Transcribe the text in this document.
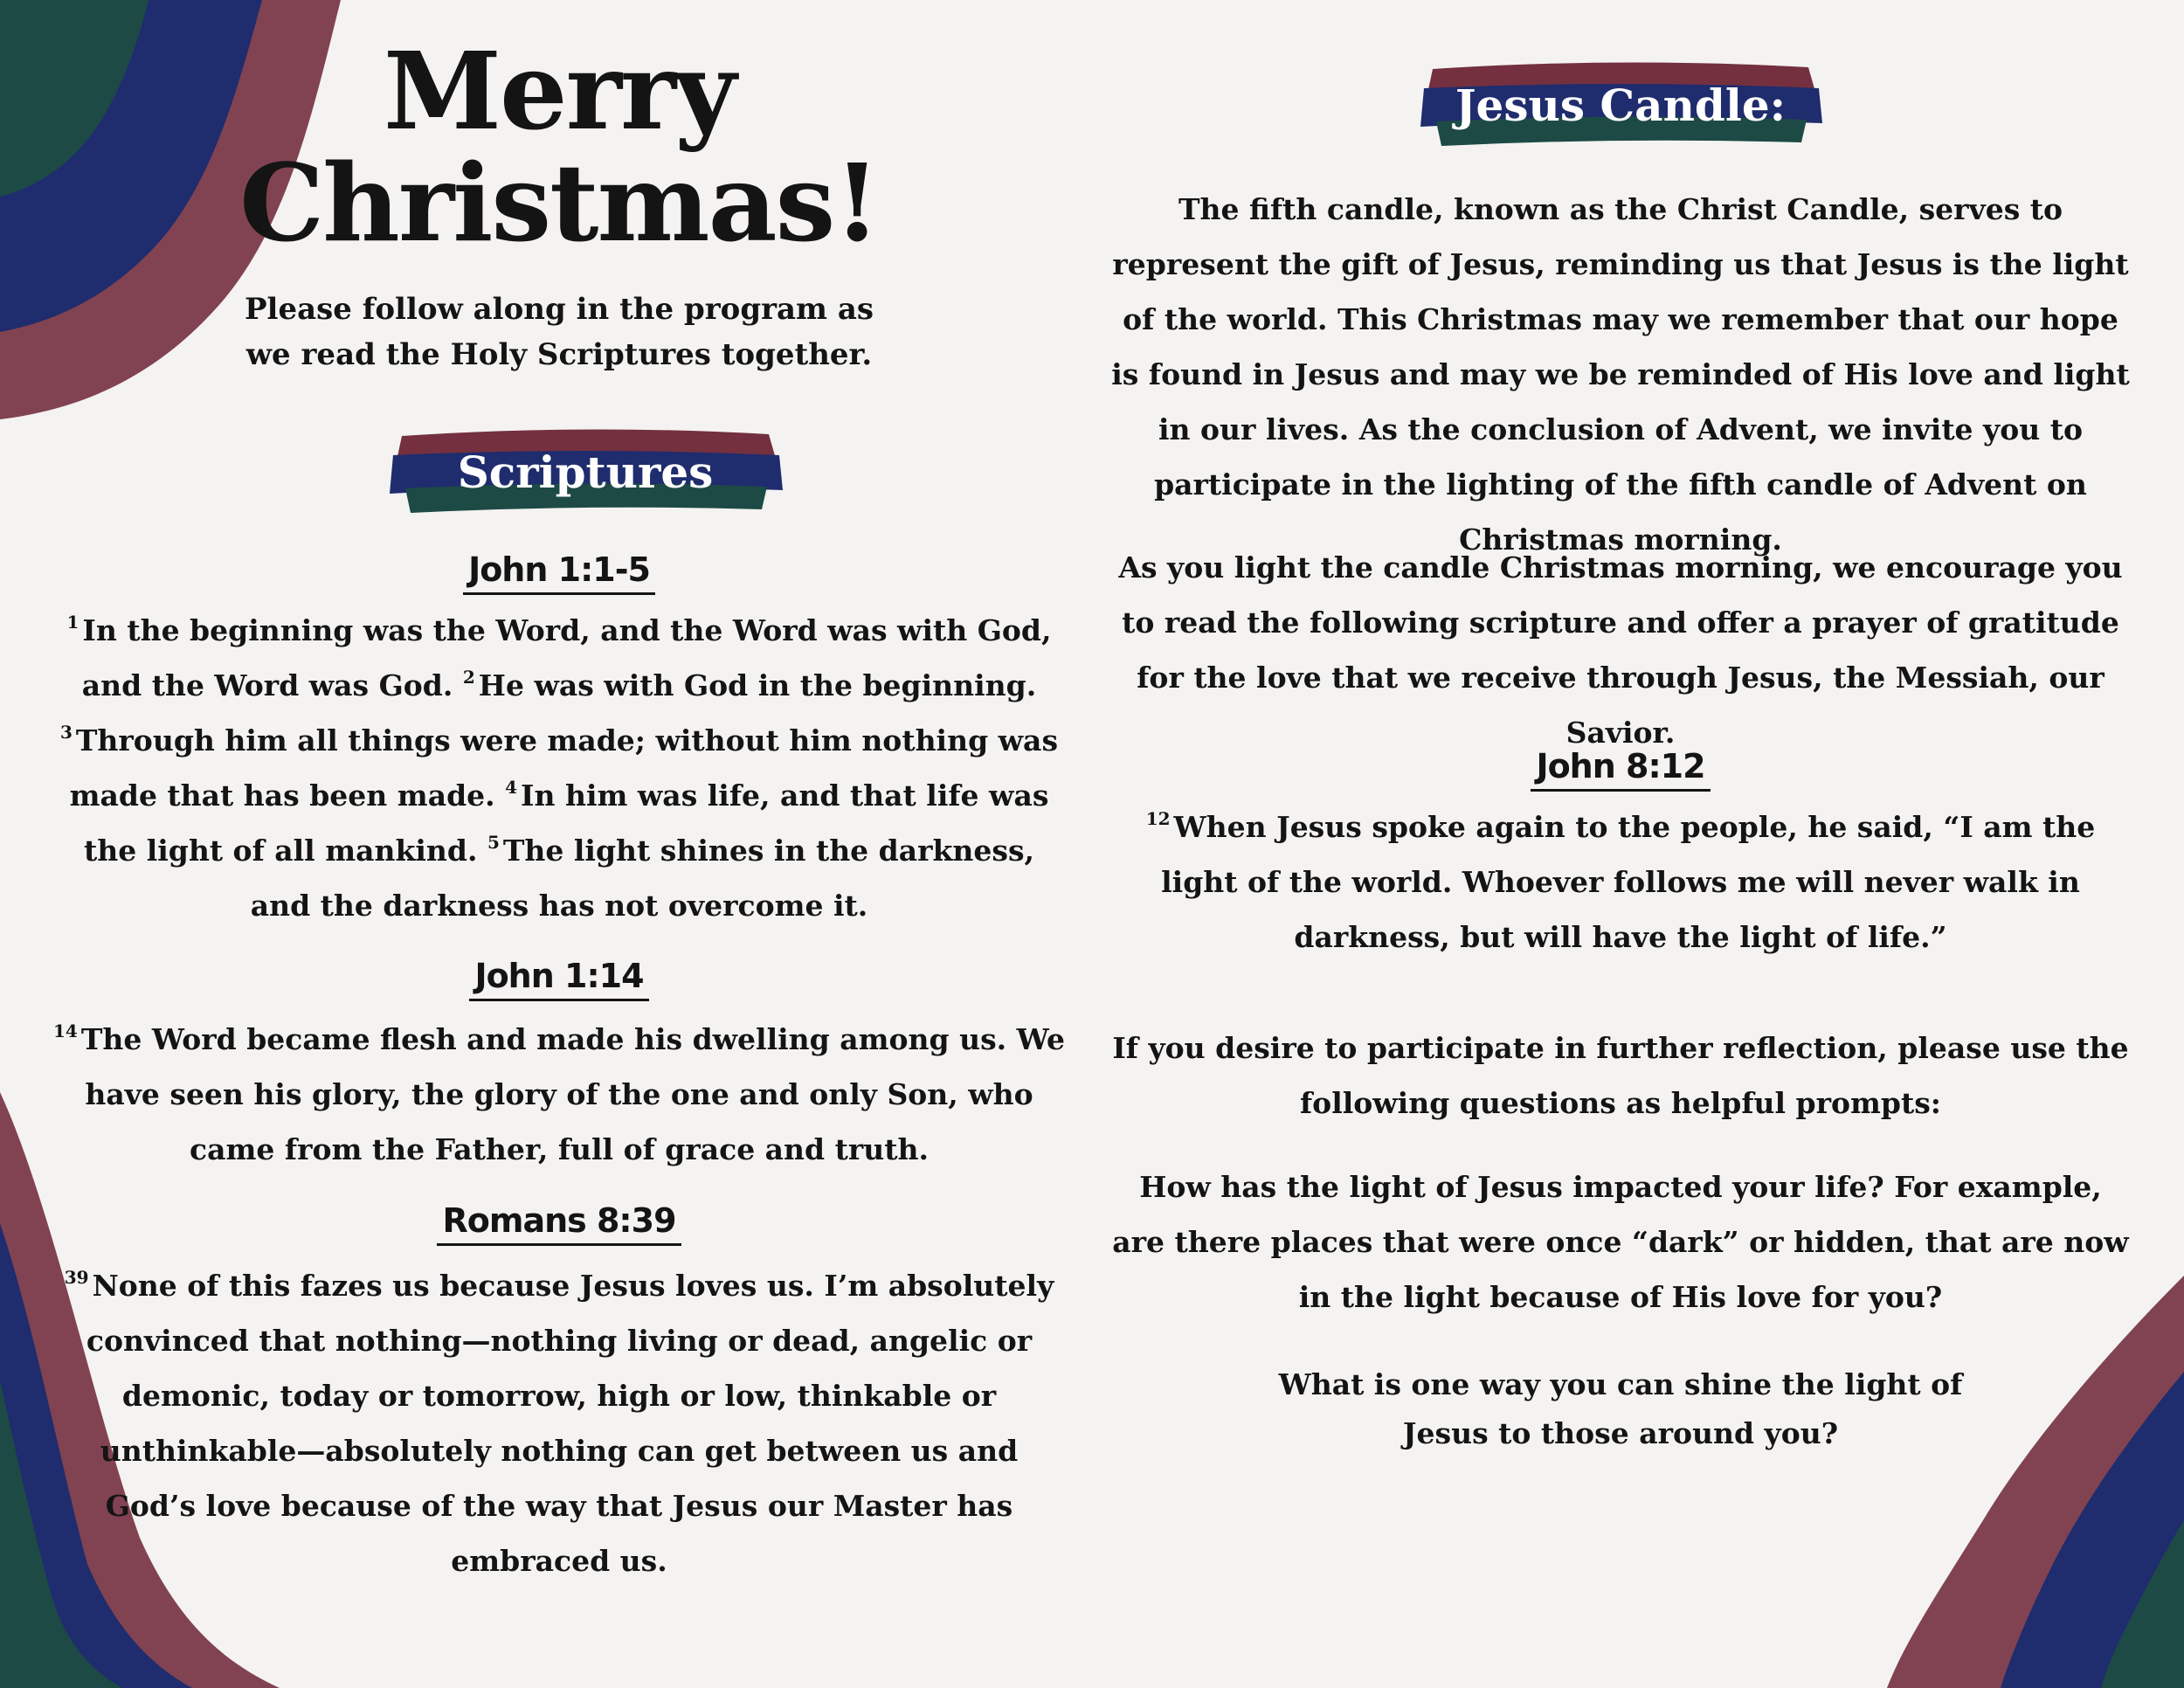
Merry
Christmas!
Please follow along in the program as
we read the Holy Scriptures together.
Scriptures
John 1:1-5
$^1$ In the beginning was the Word, and the Word was with God, and the Word was God. $^2$ He was with God in the beginning. $^3$ Through him all things were made; without him nothing was made that has been made. $^4$ In him was life, and that life was the light of all mankind. $^5$ The light shines in the darkness, and the darkness has not overcome it.
John 1:14
$^{14}$ The Word became flesh and made his dwelling among us. We have seen his glory, the glory of the one and only Son, who came from the Father, full of grace and truth.
Romans 8:39
$^{39}$ None of this fazes us because Jesus loves us. I’m absolutely convinced that nothing—nothing living or dead, angelic or demonic, today or tomorrow, high or low, thinkable or unthinkable—absolutely nothing can get between us and God’s love because of the way that Jesus our Master has embraced us.
Jesus Candle:
The fifth candle, known as the Christ Candle, serves to represent the gift of Jesus, reminding us that Jesus is the light of the world. This Christmas may we remember that our hope is found in Jesus and may we be reminded of His love and light in our lives. As the conclusion of Advent, we invite you to participate in the lighting of the fifth candle of Advent on Christmas morning.
As you light the candle Christmas morning, we encourage you to read the following scripture and offer a prayer of gratitude for the love that we receive through Jesus, the Messiah, our Savior.
John 8:12
$^{12}$ When Jesus spoke again to the people, he said, “I am the light of the world. Whoever follows me will never walk in darkness, but will have the light of life.”
If you desire to participate in further reflection, please use the following questions as helpful prompts:
How has the light of Jesus impacted your life? For example, are there places that were once “dark” or hidden, that are now in the light because of His love for you?
What is one way you can shine the light of
Jesus to those around you?
